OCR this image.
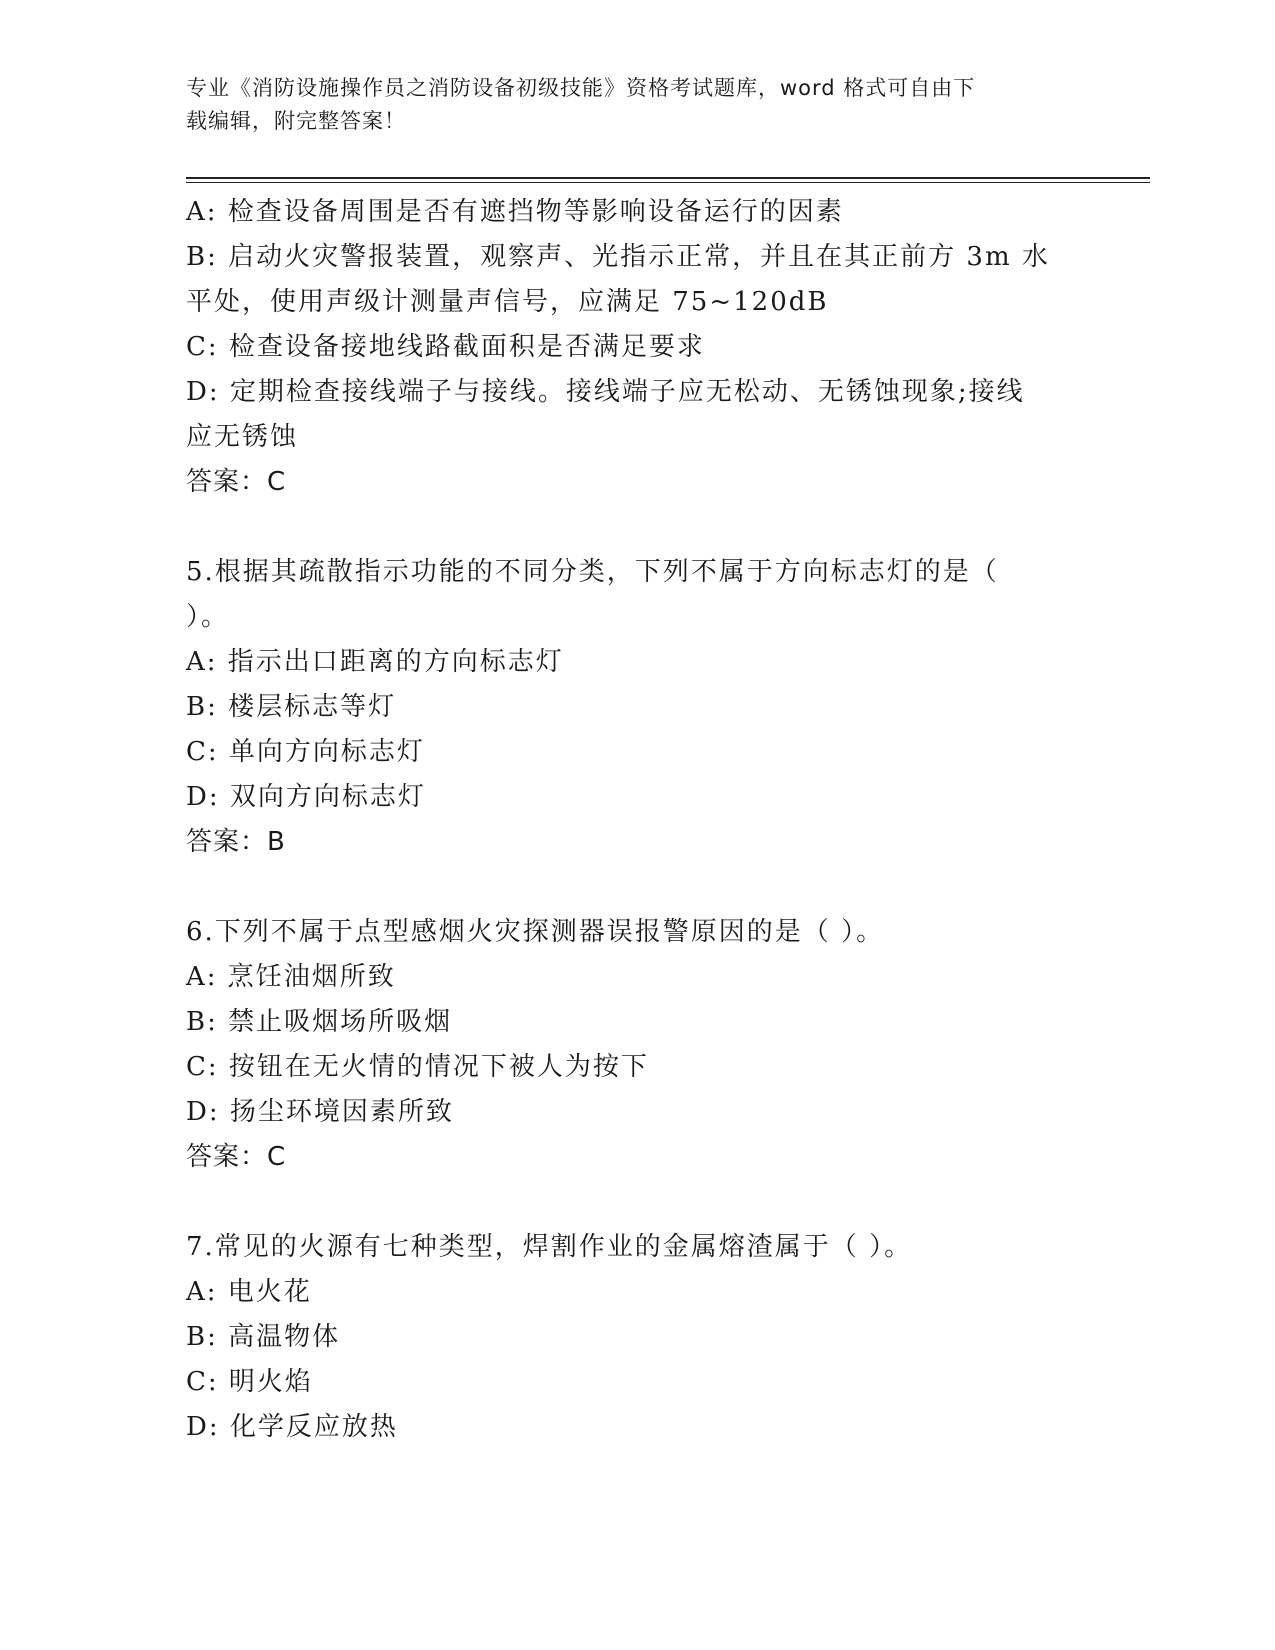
专业《消防设施操作员之消防设备初级技能》资格考试题库，word 格式可自由下
载编辑，附完整答案！
A: 检查设备周围是否有遮挡物等影响设备运行的因素
B: 启动火灾警报装置，观察声、光指示正常，并且在其正前方 3m 水
平处，使用声级计测量声信号，应满足 75~120dB
C: 检查设备接地线路截面积是否满足要求
D: 定期检查接线端子与接线。接线端子应无松动、无锈蚀现象;接线
应无锈蚀
答案：C
5.根据其疏散指示功能的不同分类，下列不属于方向标志灯的是（
）。
A: 指示出口距离的方向标志灯
B: 楼层标志等灯
C: 单向方向标志灯
D: 双向方向标志灯
答案：B
6.下列不属于点型感烟火灾探测器误报警原因的是（ ）。
A: 烹饪油烟所致
B: 禁止吸烟场所吸烟
C: 按钮在无火情的情况下被人为按下
D: 扬尘环境因素所致
答案：C
7.常见的火源有七种类型，焊割作业的金属熔渣属于（ ）。
A: 电火花
B: 高温物体
C: 明火焰
D: 化学反应放热
